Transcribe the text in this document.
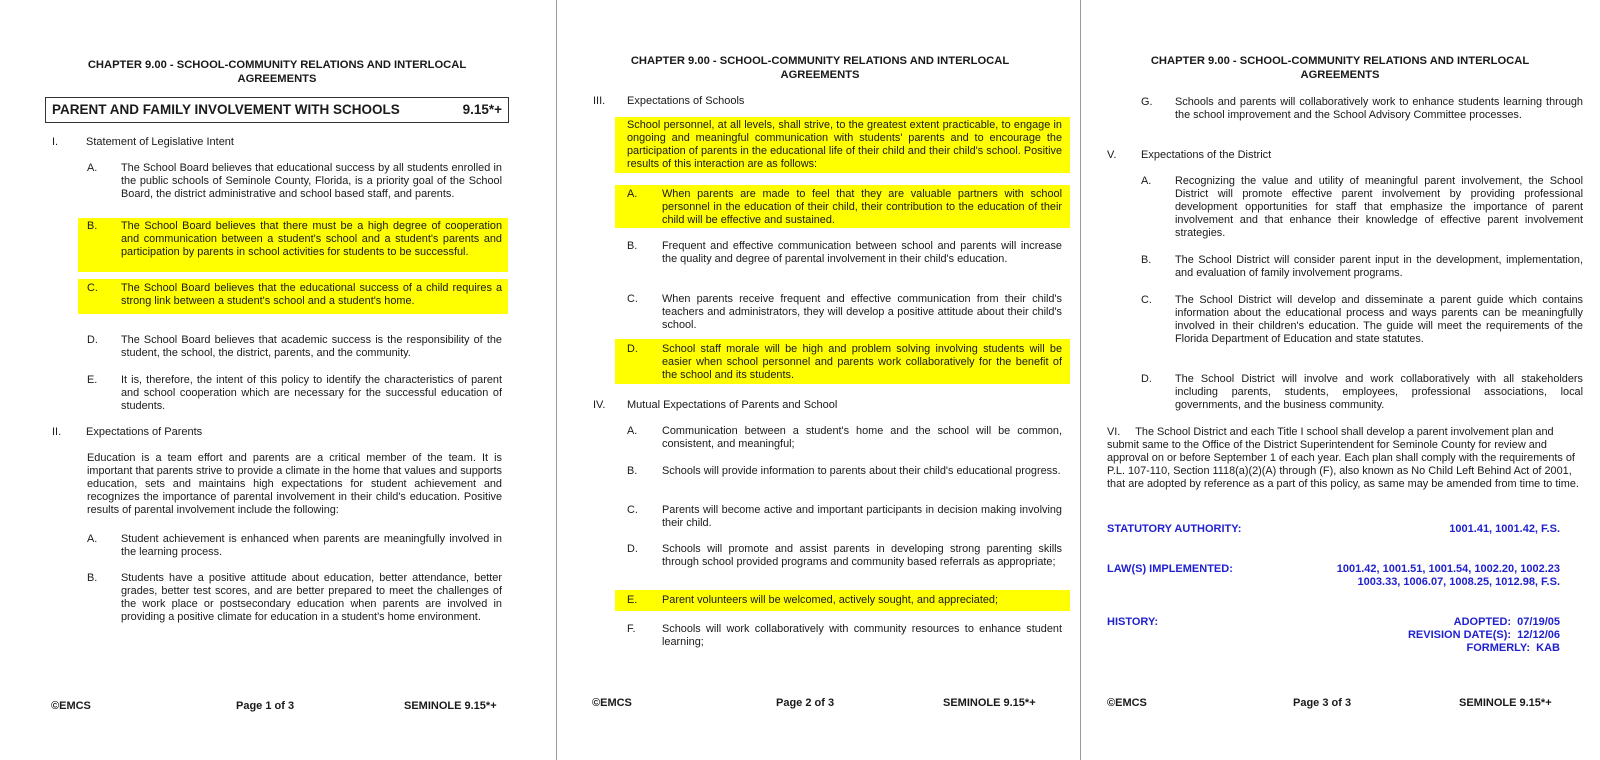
CHAPTER 9.00 - SCHOOL-COMMUNITY RELATIONS AND INTERLOCAL AGREEMENTS
PARENT AND FAMILY INVOLVEMENT WITH SCHOOLS	9.15*+
I.	Statement of Legislative Intent
A. The School Board believes that educational success by all students enrolled in the public schools of Seminole County, Florida, is a priority goal of the School Board, the district administrative and school based staff, and parents.
B. The School Board believes that there must be a high degree of cooperation and communication between a student's school and a student's parents and participation by parents in school activities for students to be successful.
C. The School Board believes that the educational success of a child requires a strong link between a student's school and a student's home.
D. The School Board believes that academic success is the responsibility of the student, the school, the district, parents, and the community.
E. It is, therefore, the intent of this policy to identify the characteristics of parent and school cooperation which are necessary for the successful education of students.
II. Expectations of Parents
Education is a team effort and parents are a critical member of the team. It is important that parents strive to provide a climate in the home that values and supports education, sets and maintains high expectations for student achievement and recognizes the importance of parental involvement in their child's education. Positive results of parental involvement include the following:
A. Student achievement is enhanced when parents are meaningfully involved in the learning process.
B. Students have a positive attitude about education, better attendance, better grades, better test scores, and are better prepared to meet the challenges of the work place or postsecondary education when parents are involved in providing a positive climate for education in a student's home environment.
©EMCS	Page 1 of 3	SEMINOLE 9.15*+
CHAPTER 9.00 - SCHOOL-COMMUNITY RELATIONS AND INTERLOCAL AGREEMENTS
III. Expectations of Schools
School personnel, at all levels, shall strive, to the greatest extent practicable, to engage in ongoing and meaningful communication with students' parents and to encourage the participation of parents in the educational life of their child and their child's school. Positive results of this interaction are as follows:
A. When parents are made to feel that they are valuable partners with school personnel in the education of their child, their contribution to the education of their child will be effective and sustained.
B. Frequent and effective communication between school and parents will increase the quality and degree of parental involvement in their child's education.
C. When parents receive frequent and effective communication from their child's teachers and administrators, they will develop a positive attitude about their child's school.
D. School staff morale will be high and problem solving involving students will be easier when school personnel and parents work collaboratively for the benefit of the school and its students.
IV. Mutual Expectations of Parents and School
A. Communication between a student's home and the school will be common, consistent, and meaningful;
B. Schools will provide information to parents about their child's educational progress.
C. Parents will become active and important participants in decision making involving their child.
D. Schools will promote and assist parents in developing strong parenting skills through school provided programs and community based referrals as appropriate;
E. Parent volunteers will be welcomed, actively sought, and appreciated;
F. Schools will work collaboratively with community resources to enhance student learning;
©EMCS	Page 2 of 3	SEMINOLE 9.15*+
CHAPTER 9.00 - SCHOOL-COMMUNITY RELATIONS AND INTERLOCAL AGREEMENTS
G. Schools and parents will collaboratively work to enhance students learning through the school improvement and the School Advisory Committee processes.
V. Expectations of the District
A. Recognizing the value and utility of meaningful parent involvement, the School District will promote effective parent involvement by providing professional development opportunities for staff that emphasize the importance of parent involvement and that enhance their knowledge of effective parent involvement strategies.
B. The School District will consider parent input in the development, implementation, and evaluation of family involvement programs.
C. The School District will develop and disseminate a parent guide which contains information about the educational process and ways parents can be meaningfully involved in their children's education. The guide will meet the requirements of the Florida Department of Education and state statutes.
D. The School District will involve and work collaboratively with all stakeholders including parents, students, employees, professional associations, local governments, and the business community.
VI.     The School District and each Title I school shall develop a parent involvement plan and submit same to the Office of the District Superintendent for Seminole County for review and approval on or before September 1 of each year. Each plan shall comply with the requirements of P.L. 107-110, Section 1118(a)(2)(A) through (F), also known as No Child Left Behind Act of 2001, that are adopted by reference as a part of this policy, as same may be amended from time to time.
STATUTORY AUTHORITY:	1001.41, 1001.42, F.S.
LAW(S) IMPLEMENTED:	1001.42, 1001.51, 1001.54, 1002.20, 1002.23
1003.33, 1006.07, 1008.25, 1012.98, F.S.
HISTORY:	ADOPTED:  07/19/05
REVISION DATE(S):  12/12/06
FORMERLY:  KAB
©EMCS	Page 3 of 3	SEMINOLE 9.15*+
